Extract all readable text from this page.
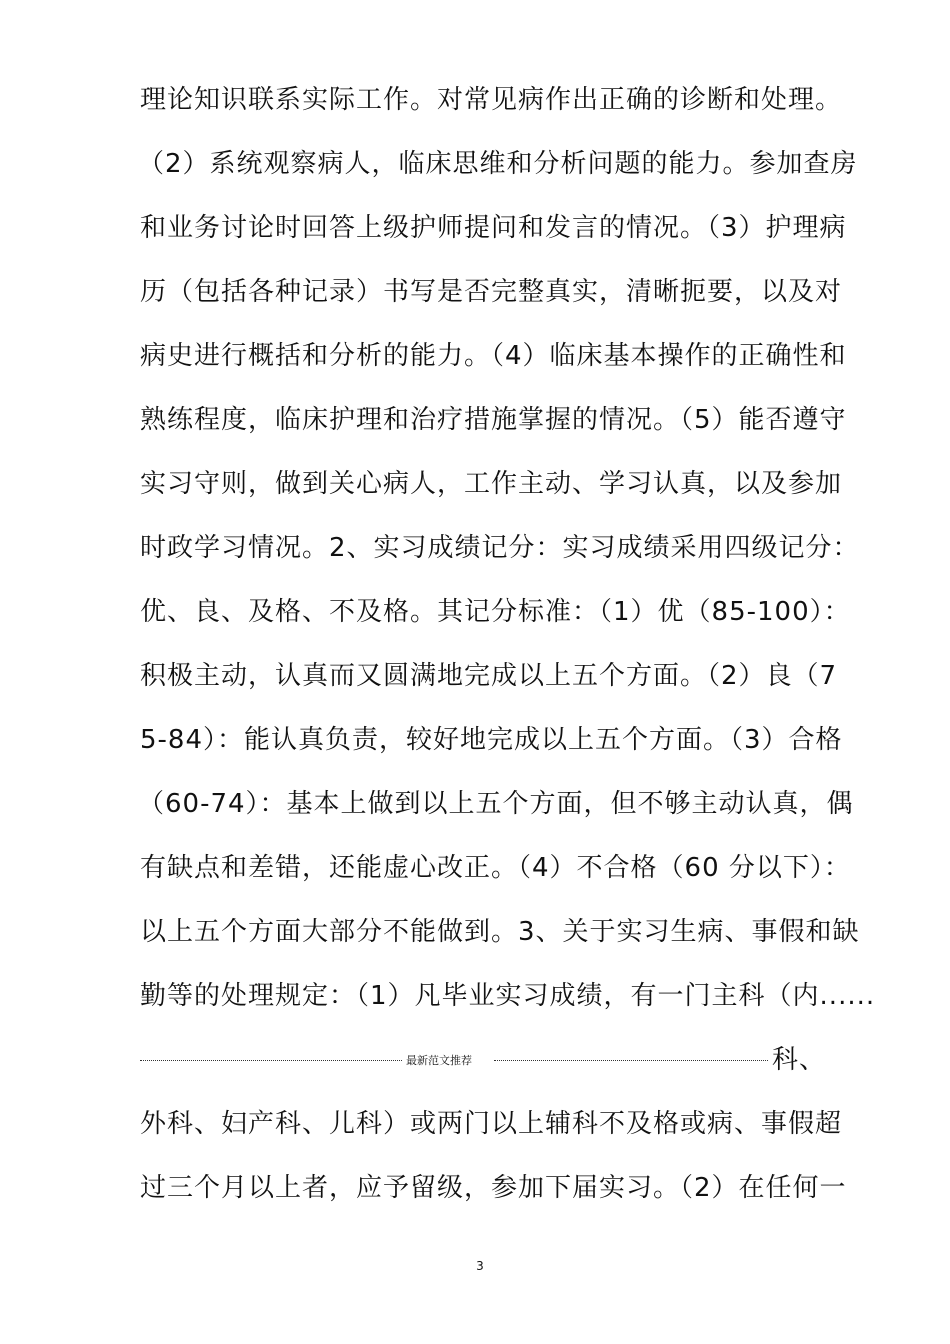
理论知识联系实际工作。对常见病作出正确的诊断和处理。
（2）系统观察病人，临床思维和分析问题的能力。参加查房
和业务讨论时回答上级护师提问和发言的情况。（3）护理病
历（包括各种记录）书写是否完整真实，清晰扼要，以及对
病史进行概括和分析的能力。（4）临床基本操作的正确性和
熟练程度，临床护理和治疗措施掌握的情况。（5）能否遵守
实习守则，做到关心病人，工作主动、学习认真，以及参加
时政学习情况。2、实习成绩记分：实习成绩采用四级记分：
优、良、及格、不及格。其记分标准：（1）优（85-100）：
积极主动，认真而又圆满地完成以上五个方面。（2）良（7
5-84）：能认真负责，较好地完成以上五个方面。（3）合格
（60-74）：基本上做到以上五个方面，但不够主动认真，偶
有缺点和差错，还能虚心改正。（4）不合格（60 分以下）：
以上五个方面大部分不能做到。3、关于实习生病、事假和缺
勤等的处理规定：（1）凡毕业实习成绩，有一门主科（内......
最新范文推荐	科、
外科、妇产科、儿科）或两门以上辅科不及格或病、事假超
过三个月以上者，应予留级，参加下届实习。（2）在任何一
3
